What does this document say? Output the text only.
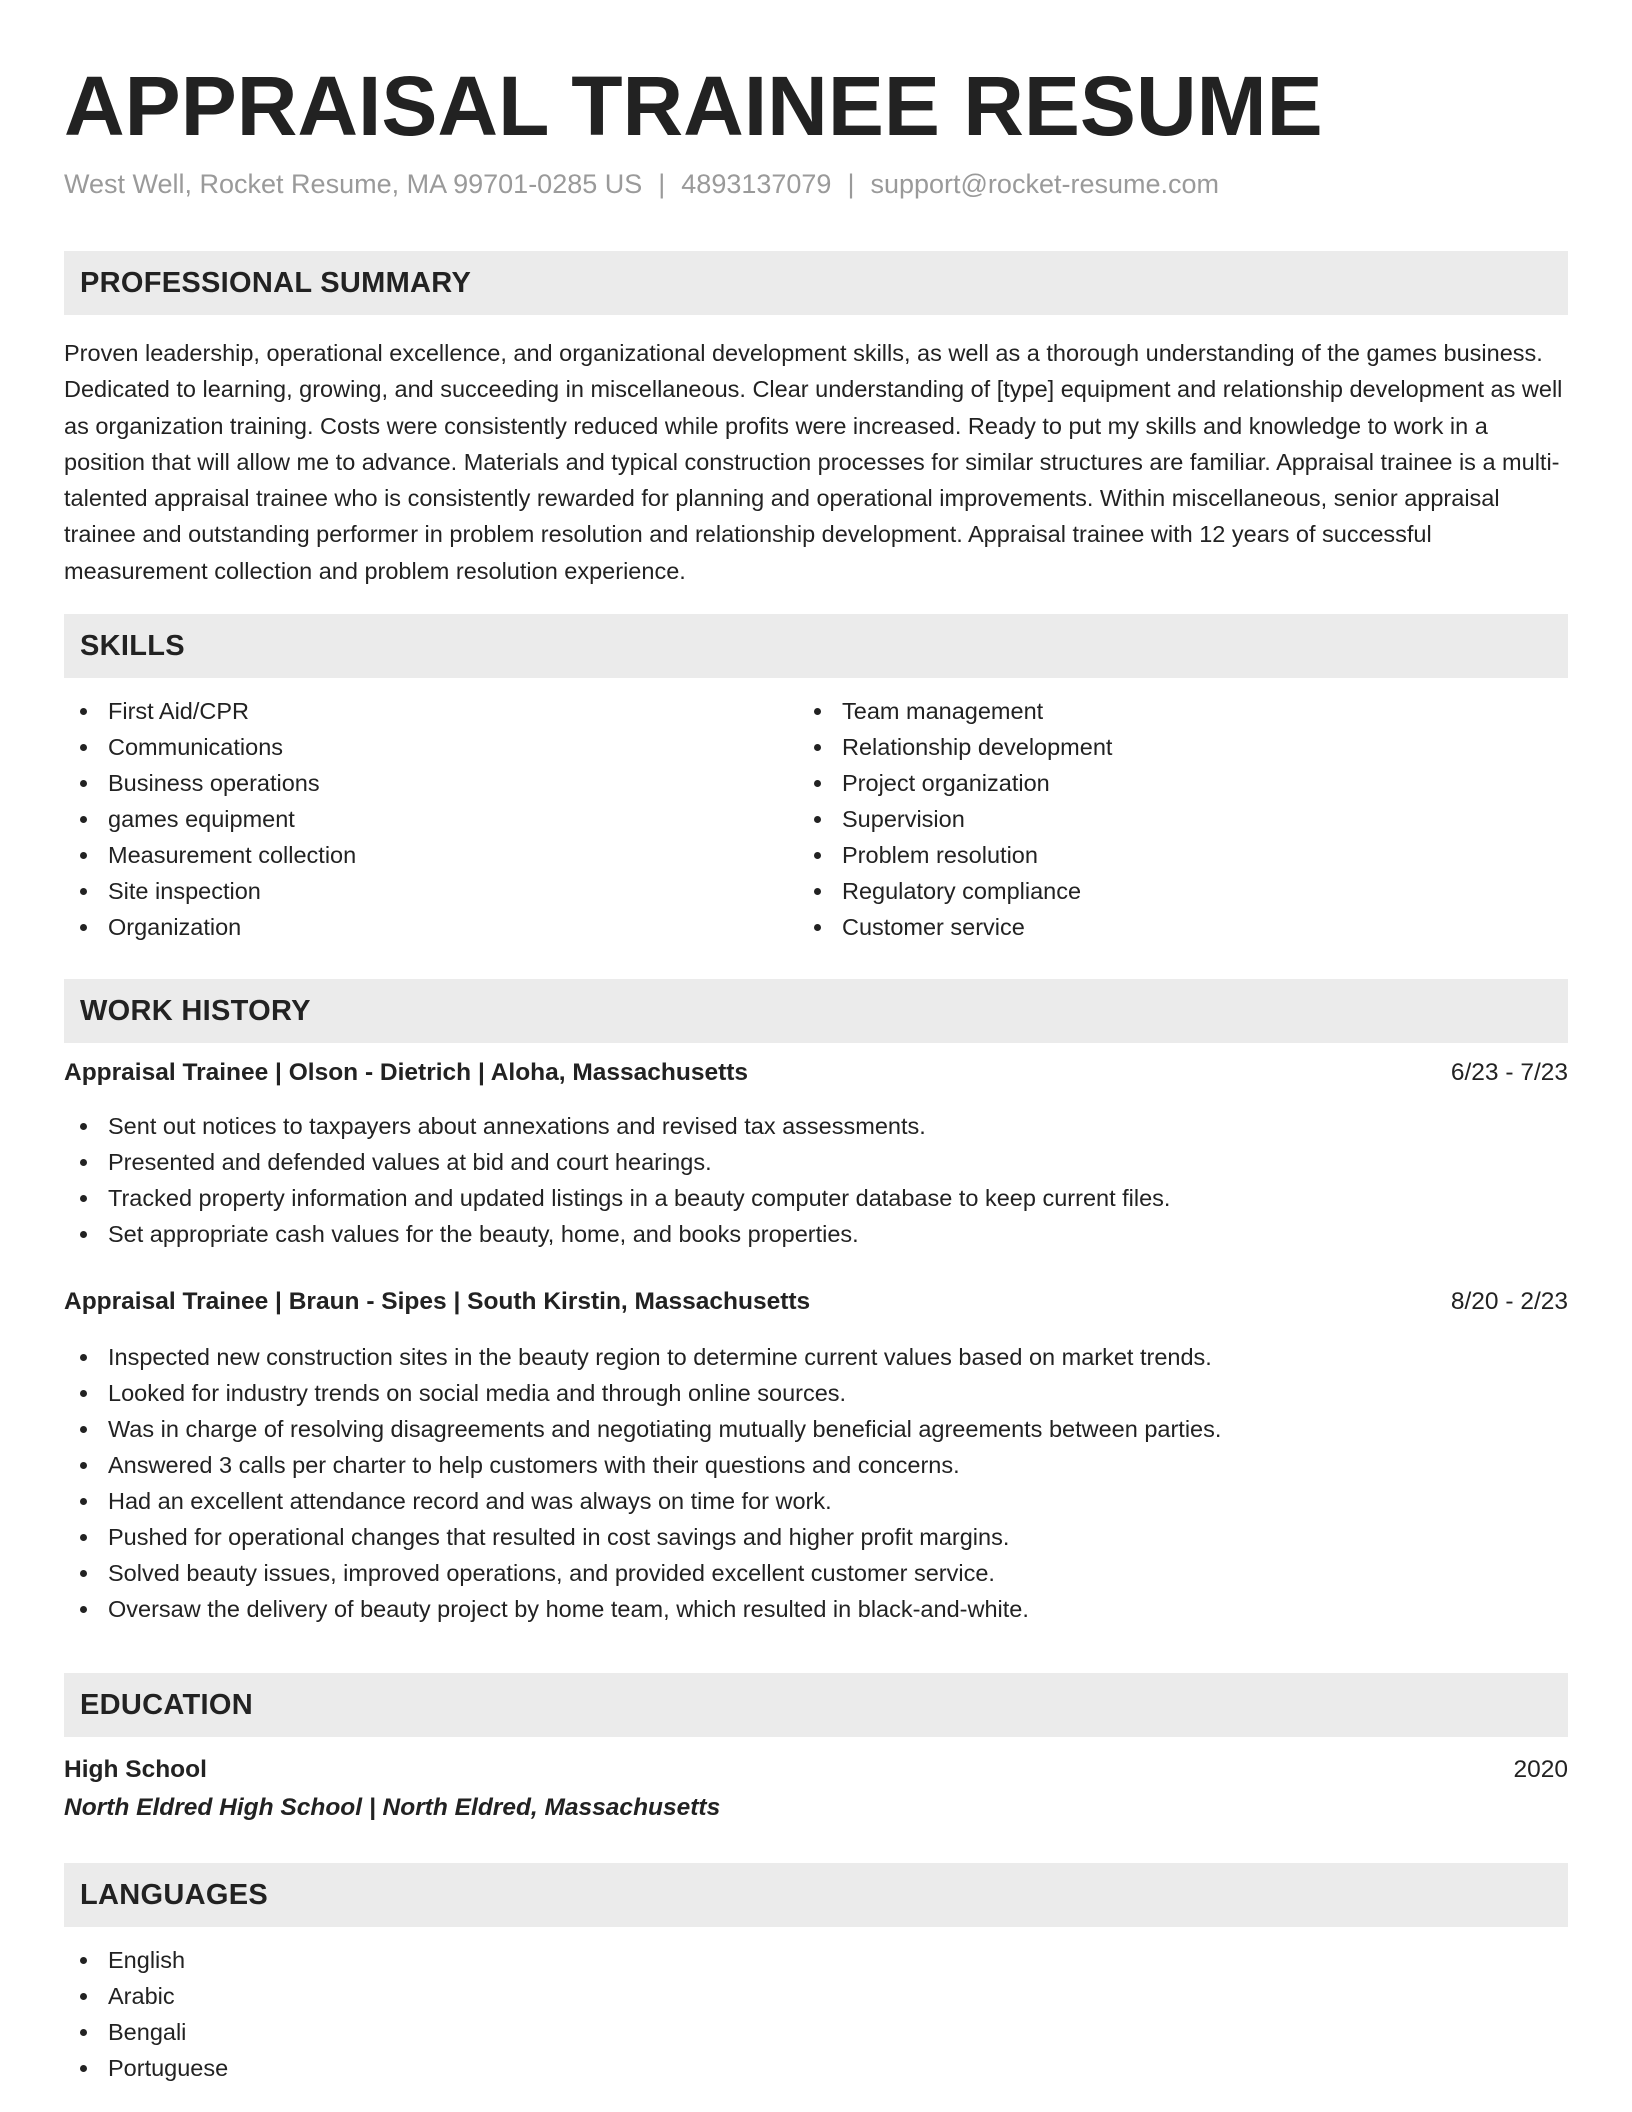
APPRAISAL TRAINEE RESUME
West Well, Rocket Resume, MA 99701-0285 US | 4893137079 | support@rocket-resume.com
PROFESSIONAL SUMMARY

Proven leadership, operational excellence, and organizational development skills, as well as a thorough understanding of the games business. Dedicated to learning, growing, and succeeding in miscellaneous. Clear understanding of [type] equipment and relationship development as well as organization training. Costs were consistently reduced while profits were increased. Ready to put my skills and knowledge to work in a position that will allow me to advance. Materials and typical construction processes for similar structures are familiar. Appraisal trainee is a multi-talented appraisal trainee who is consistently rewarded for planning and operational improvements. Within miscellaneous, senior appraisal trainee and outstanding performer in problem resolution and relationship development. Appraisal trainee with 12 years of successful measurement collection and problem resolution experience.

SKILLS
First Aid/CPR
Communications
Business operations
games equipment
Measurement collection
Site inspection
Organization
Team management
Relationship development
Project organization
Supervision
Problem resolution
Regulatory compliance
Customer service
WORK HISTORY
Appraisal Trainee | Olson - Dietrich | Aloha, Massachusetts	6/23 - 7/23
Sent out notices to taxpayers about annexations and revised tax assessments.
Presented and defended values at bid and court hearings.
Tracked property information and updated listings in a beauty computer database to keep current files.
Set appropriate cash values for the beauty, home, and books properties.
Appraisal Trainee | Braun - Sipes | South Kirstin, Massachusetts	8/20 - 2/23
Inspected new construction sites in the beauty region to determine current values based on market trends.
Looked for industry trends on social media and through online sources.
Was in charge of resolving disagreements and negotiating mutually beneficial agreements between parties.
Answered 3 calls per charter to help customers with their questions and concerns.
Had an excellent attendance record and was always on time for work.
Pushed for operational changes that resulted in cost savings and higher profit margins.
Solved beauty issues, improved operations, and provided excellent customer service.
Oversaw the delivery of beauty project by home team, which resulted in black-and-white.
EDUCATION
High School	2020
North Eldred High School | North Eldred, Massachusetts
LANGUAGES
English
Arabic
Bengali
Portuguese
